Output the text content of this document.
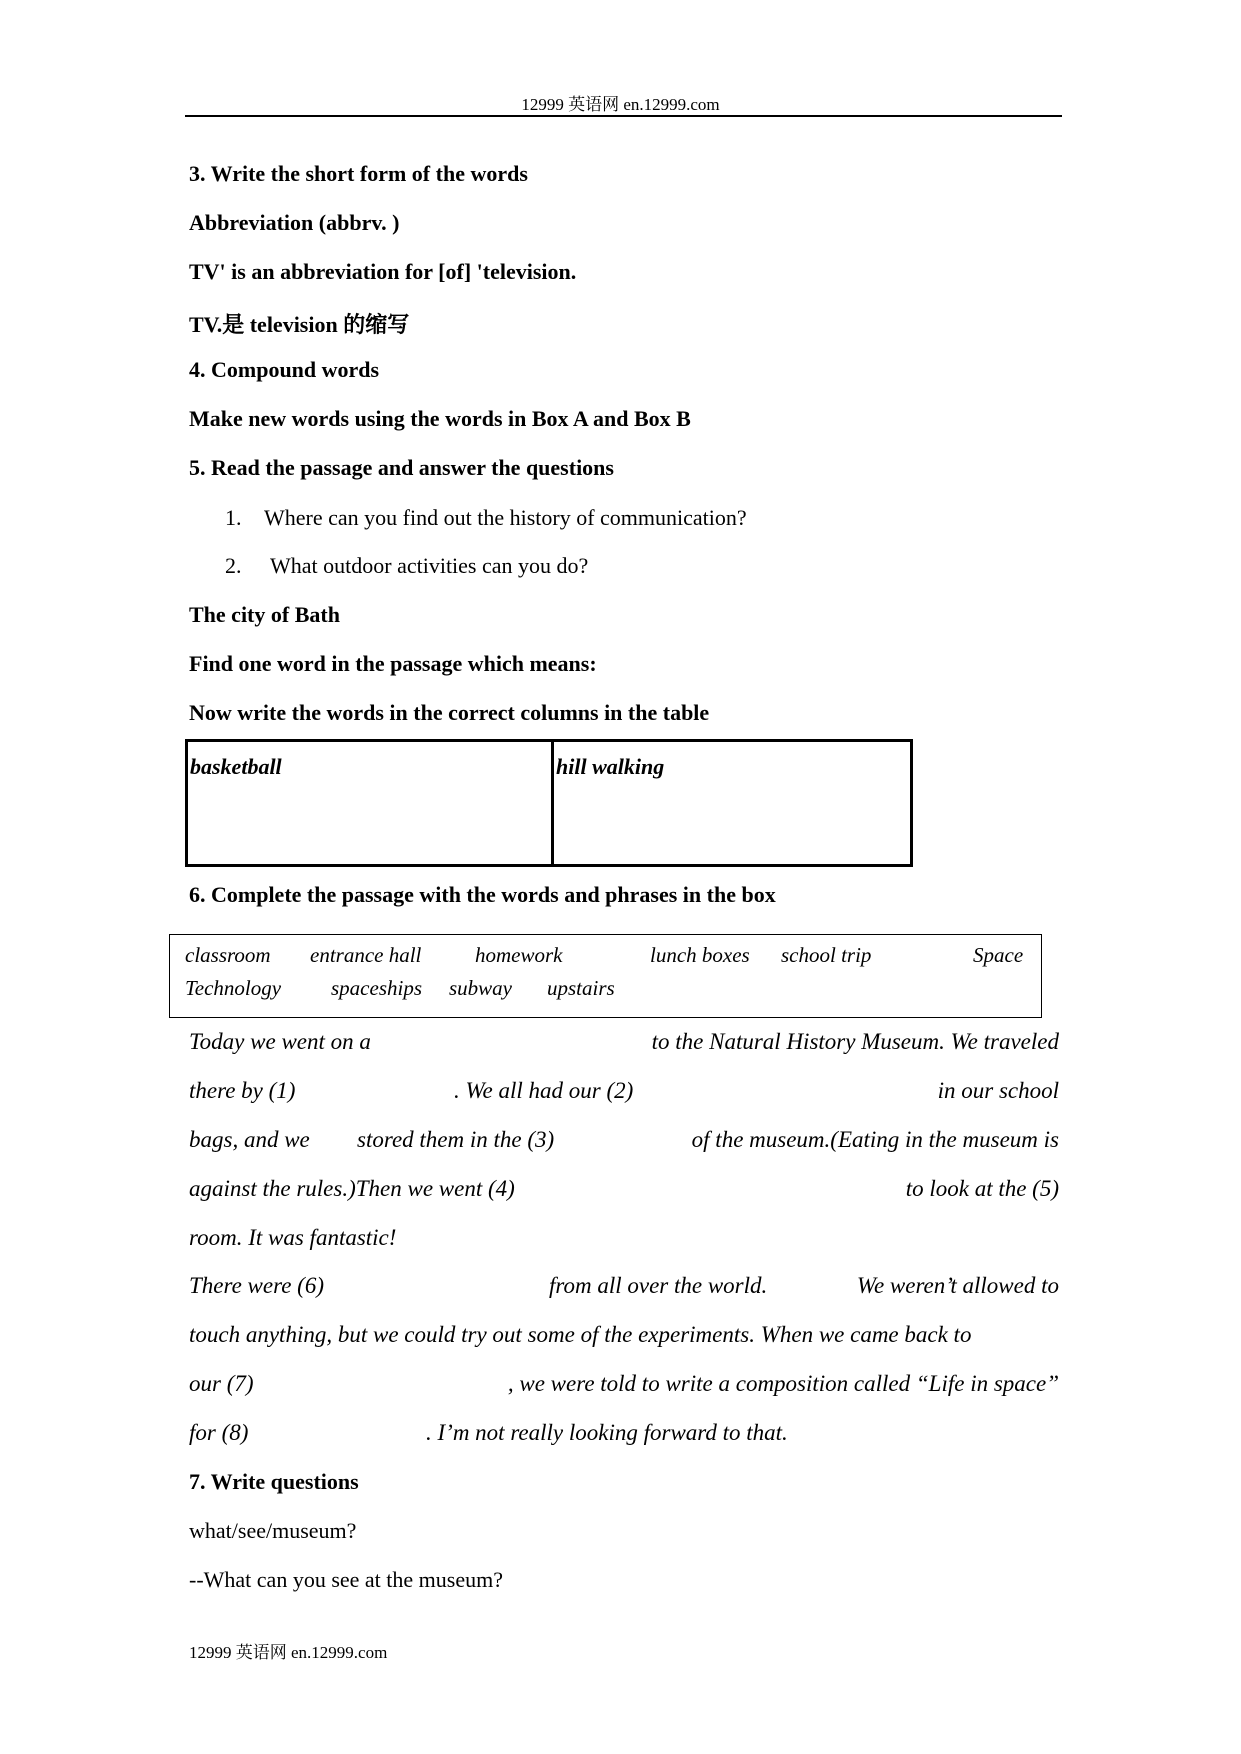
12999 英语网 en.12999.com
3. Write the short form of the words
Abbreviation (abbrv. )
TV' is an abbreviation for [of] 'television.
TV.是 television 的缩写
4. Compound words
Make new words using the words in Box A and Box B
5. Read the passage and answer the questions
1. Where can you find out the history of communication?
2. What outdoor activities can you do?
The city of Bath
Find one word in the passage which means:
Now write the words in the correct columns in the table
basketball	hill walking
6. Complete the passage with the words and phrases in the box
classroom entrance hall	homework	lunch boxes school trip	Space
Technology spaceships subway upstairs
Today we went on a	to the Natural History Museum. We traveled
there by (1)	. We all had our (2)	in our school
bags, and we stored them in the (3)	of the museum.(Eating in the museum is
against the rules.)Then we went (4)	to look at the (5)
room. It was fantastic!
There were (6)	from all over the world.	We weren’t allowed to
touch anything, but we could try out some of the experiments. When we came back to
our (7)	, we were told to write a composition called “Life in space”
for (8)	. I’m not really looking forward to that.
7. Write questions
what/see/museum?
--What can you see at the museum?
12999 英语网 en.12999.com
